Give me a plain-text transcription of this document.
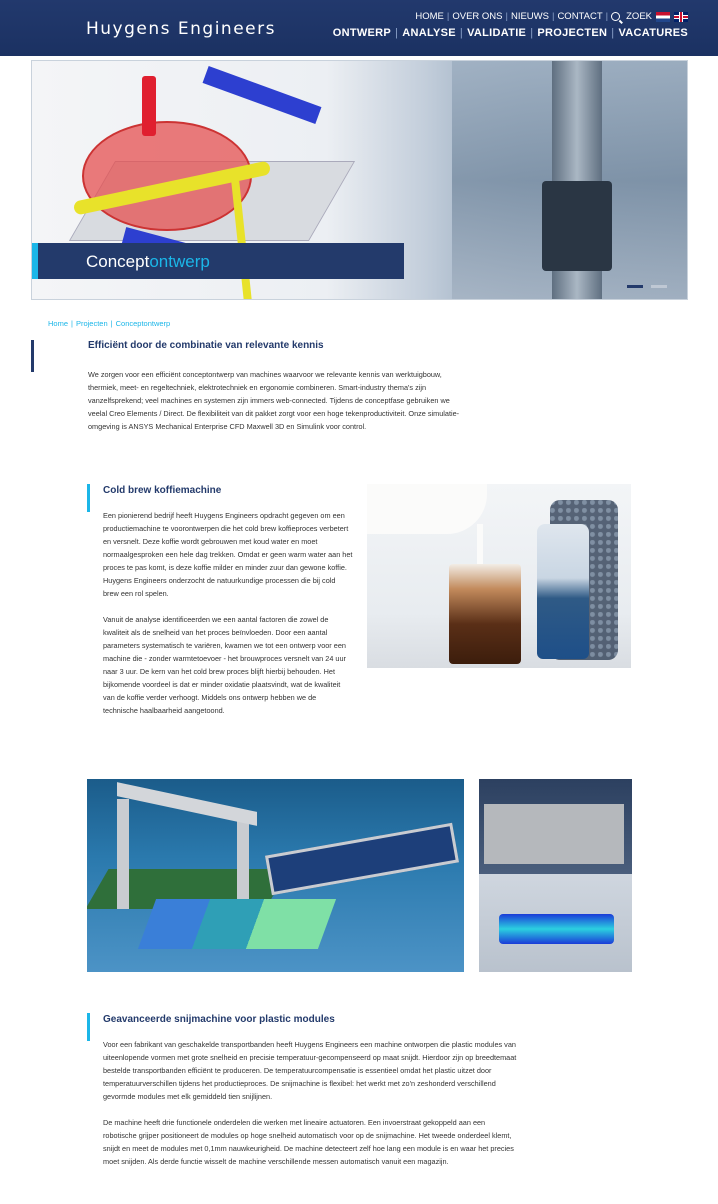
Huygens Engineers
HOME | OVER ONS | NIEUWS | CONTACT | ZOEK
ONTWERP | ANALYSE | VALIDATIE | PROJECTEN | VACATURES
Conceptontwerp
Home | Projecten | Conceptontwerp
Efficiënt door de combinatie van relevante kennis
We zorgen voor een efficiënt conceptontwerp van machines waarvoor we relevante kennis van werktuigbouw, thermiek, meet- en regeltechniek, elektrotechniek en ergonomie combineren. Smart-industry thema's zijn vanzelfsprekend; veel machines en systemen zijn immers web-connected. Tijdens de conceptfase gebruiken we veelal Creo Elements / Direct. De flexibiliteit van dit pakket zorgt voor een hoge tekenproductiviteit. Onze simulatie-omgeving is ANSYS Mechanical Enterprise CFD Maxwell 3D en Simulink voor control.
Cold brew koffiemachine

Een pionierend bedrijf heeft Huygens Engineers opdracht gegeven om een productiemachine te voorontwerpen die het cold brew koffieproces verbetert en versnelt. Deze koffie wordt gebrouwen met koud water en moet normaalgesproken een hele dag trekken. Omdat er geen warm water aan het proces te pas komt, is deze koffie milder en minder zuur dan gewone koffie. Huygens Engineers onderzocht de natuurkundige processen die bij cold brew een rol spelen.

Vanuit de analyse identificeerden we een aantal factoren die zowel de kwaliteit als de snelheid van het proces beïnvloeden. Door een aantal parameters systematisch te variëren, kwamen we tot een ontwerp voor een machine die - zonder warmtetoevoer - het brouwproces versnelt van 24 uur naar 3 uur. De kern van het cold brew proces blijft hierbij behouden. Het bijkomende voordeel is dat er minder oxidatie plaatsvindt, wat de kwaliteit van de koffie verder verhoogt. Middels ons ontwerp hebben we de technische haalbaarheid aangetoond.

Geavanceerde snijmachine voor plastic modules

Voor een fabrikant van geschakelde transportbanden heeft Huygens Engineers een machine ontworpen die plastic modules van uiteenlopende vormen met grote snelheid en precisie temperatuur-gecompenseerd op maat snijdt. Hierdoor zijn op breedtemaat bestelde transportbanden efficiënt te produceren. De temperatuurcompensatie is essentieel omdat het plastic uitzet door temperatuurverschillen tijdens het productieproces. De snijmachine is flexibel: het werkt met zo'n zeshonderd verschillend gevormde modules met elk gemiddeld tien snijlijnen.

De machine heeft drie functionele onderdelen die werken met lineaire actuatoren. Een invoerstraat gekoppeld aan een robotische grijper positioneert de modules op hoge snelheid automatisch voor op de snijmachine. Het tweede onderdeel klemt, snijdt en meet de modules met 0,1mm nauwkeurigheid. De machine detecteert zelf hoe lang een module is en waar het precies moet snijden. Als derde functie wisselt de machine verschillende messen automatisch vanuit een magazijn.
